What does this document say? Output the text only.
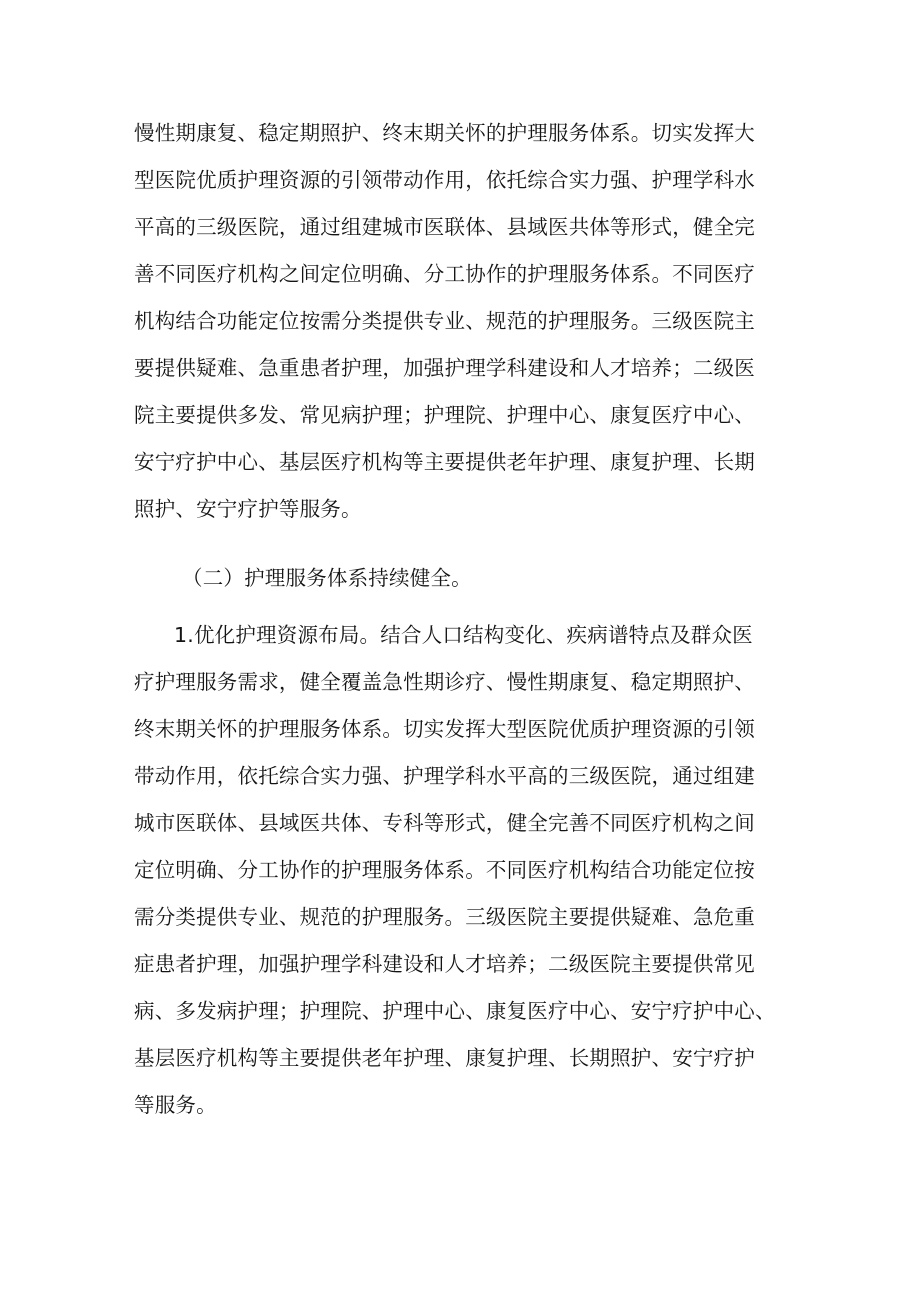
慢性期康复、稳定期照护、终末期关怀的护理服务体系。切实发挥大
型医院优质护理资源的引领带动作用，依托综合实力强、护理学科水
平高的三级医院，通过组建城市医联体、县域医共体等形式，健全完
善不同医疗机构之间定位明确、分工协作的护理服务体系。不同医疗
机构结合功能定位按需分类提供专业、规范的护理服务。三级医院主
要提供疑难、急重患者护理，加强护理学科建设和人才培养；二级医
院主要提供多发、常见病护理；护理院、护理中心、康复医疗中心、
安宁疗护中心、基层医疗机构等主要提供老年护理、康复护理、长期
照护、安宁疗护等服务。
（二）护理服务体系持续健全。
1.优化护理资源布局。结合人口结构变化、疾病谱特点及群众医
疗护理服务需求，健全覆盖急性期诊疗、慢性期康复、稳定期照护、
终末期关怀的护理服务体系。切实发挥大型医院优质护理资源的引领
带动作用，依托综合实力强、护理学科水平高的三级医院，通过组建
城市医联体、县域医共体、专科等形式，健全完善不同医疗机构之间
定位明确、分工协作的护理服务体系。不同医疗机构结合功能定位按
需分类提供专业、规范的护理服务。三级医院主要提供疑难、急危重
症患者护理，加强护理学科建设和人才培养；二级医院主要提供常见
病、多发病护理；护理院、护理中心、康复医疗中心、安宁疗护中心、
基层医疗机构等主要提供老年护理、康复护理、长期照护、安宁疗护
等服务。
